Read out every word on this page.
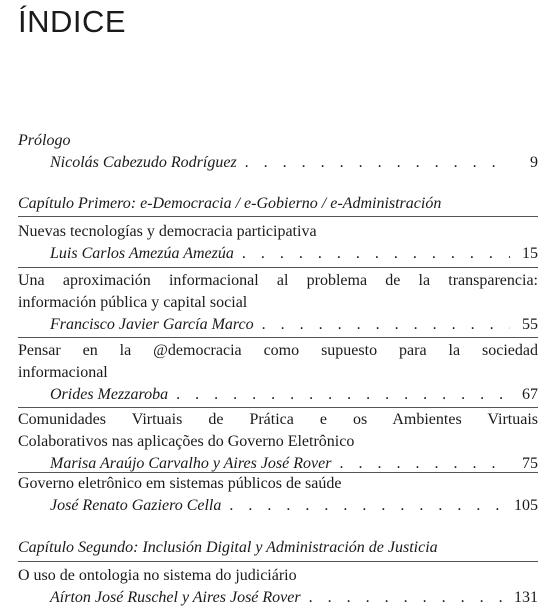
ÍNDICE
Prólogo
Nicolás Cabezudo Rodríguez . . .	9
Capítulo Primero: e-Democracia / e-Gobierno / e-Administración
Nuevas tecnologías y democracia participativa
Luis Carlos Amezúa Amezúa . . .	15
Una aproximación informacional al problema de la transparencia:
información pública y capital social
Francisco Javier García Marco . . .	55
Pensar en la @democracia como supuesto para la sociedad
informacional
Orides Mezzaroba . . .	67
Comunidades Virtuais de Prática e os Ambientes Virtuais
Colaborativos nas aplicações do Governo Eletrônico
Marisa Araújo Carvalho y Aires José Rover . . .	75
Governo eletrônico em sistemas públicos de saúde
José Renato Gaziero Cella . . .	105
Capítulo Segundo: Inclusión Digital y Administración de Justicia
O uso de ontologia no sistema do judiciário
Aírton José Ruschel y Aires José Rover . . .	131
